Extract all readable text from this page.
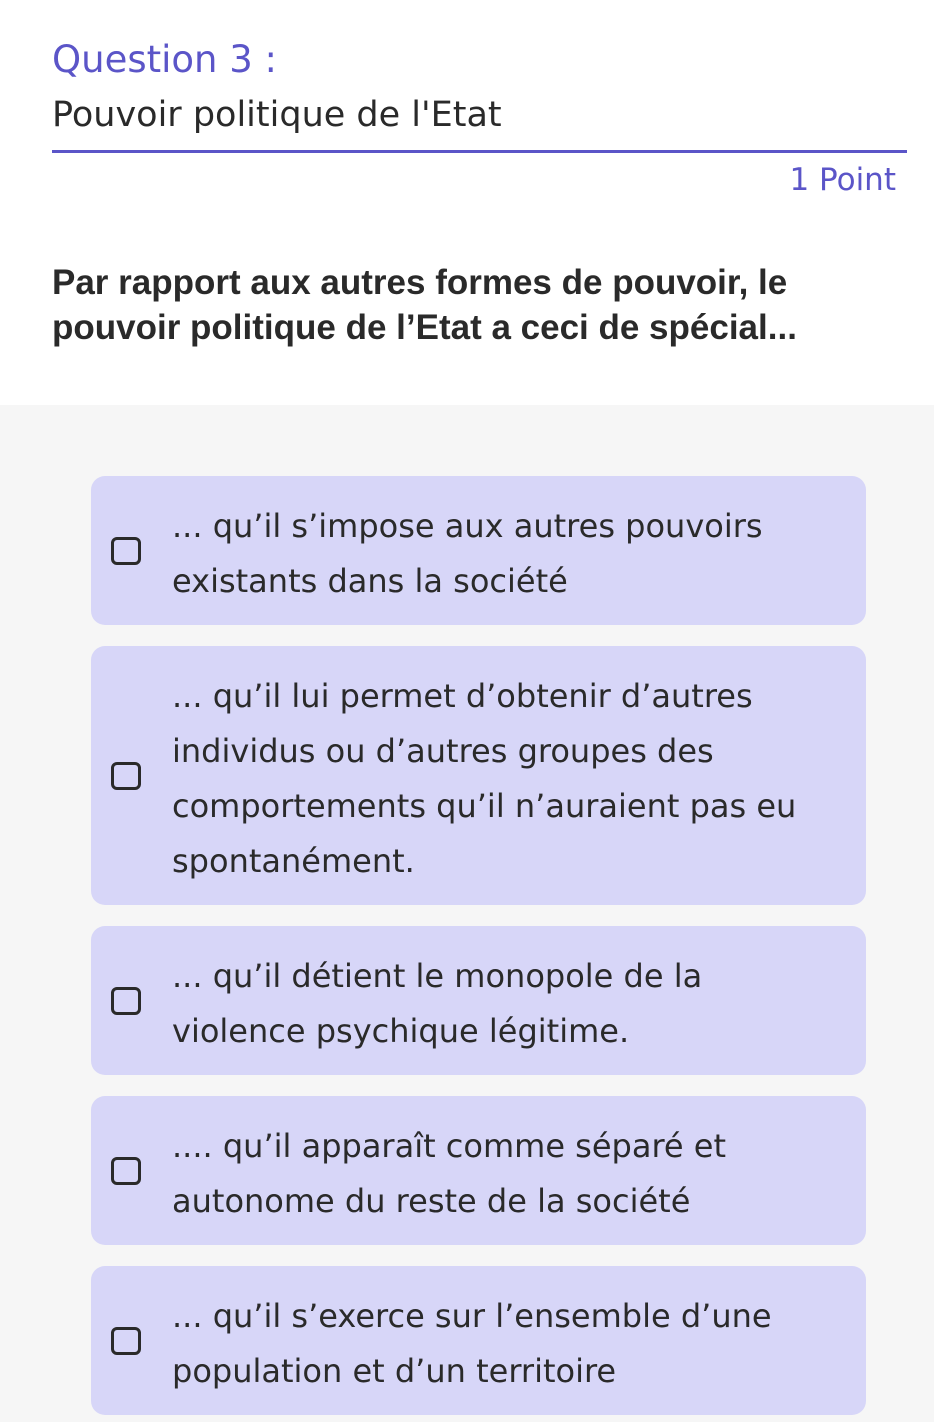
Question 3 :
Pouvoir politique de l'Etat
1 Point
Par rapport aux autres formes de pouvoir, le pouvoir politique de l’Etat a ceci de spécial...
... qu’il s’impose aux autres pouvoirs existants dans la société
... qu’il lui permet d’obtenir d’autres individus ou d’autres groupes des comportements qu’il n’auraient pas eu spontanément.
... qu’il détient le monopole de la violence psychique légitime.
.... qu’il apparaît comme séparé et autonome du reste de la société
... qu’il s’exerce sur l’ensemble d’une population et d’un territoire
